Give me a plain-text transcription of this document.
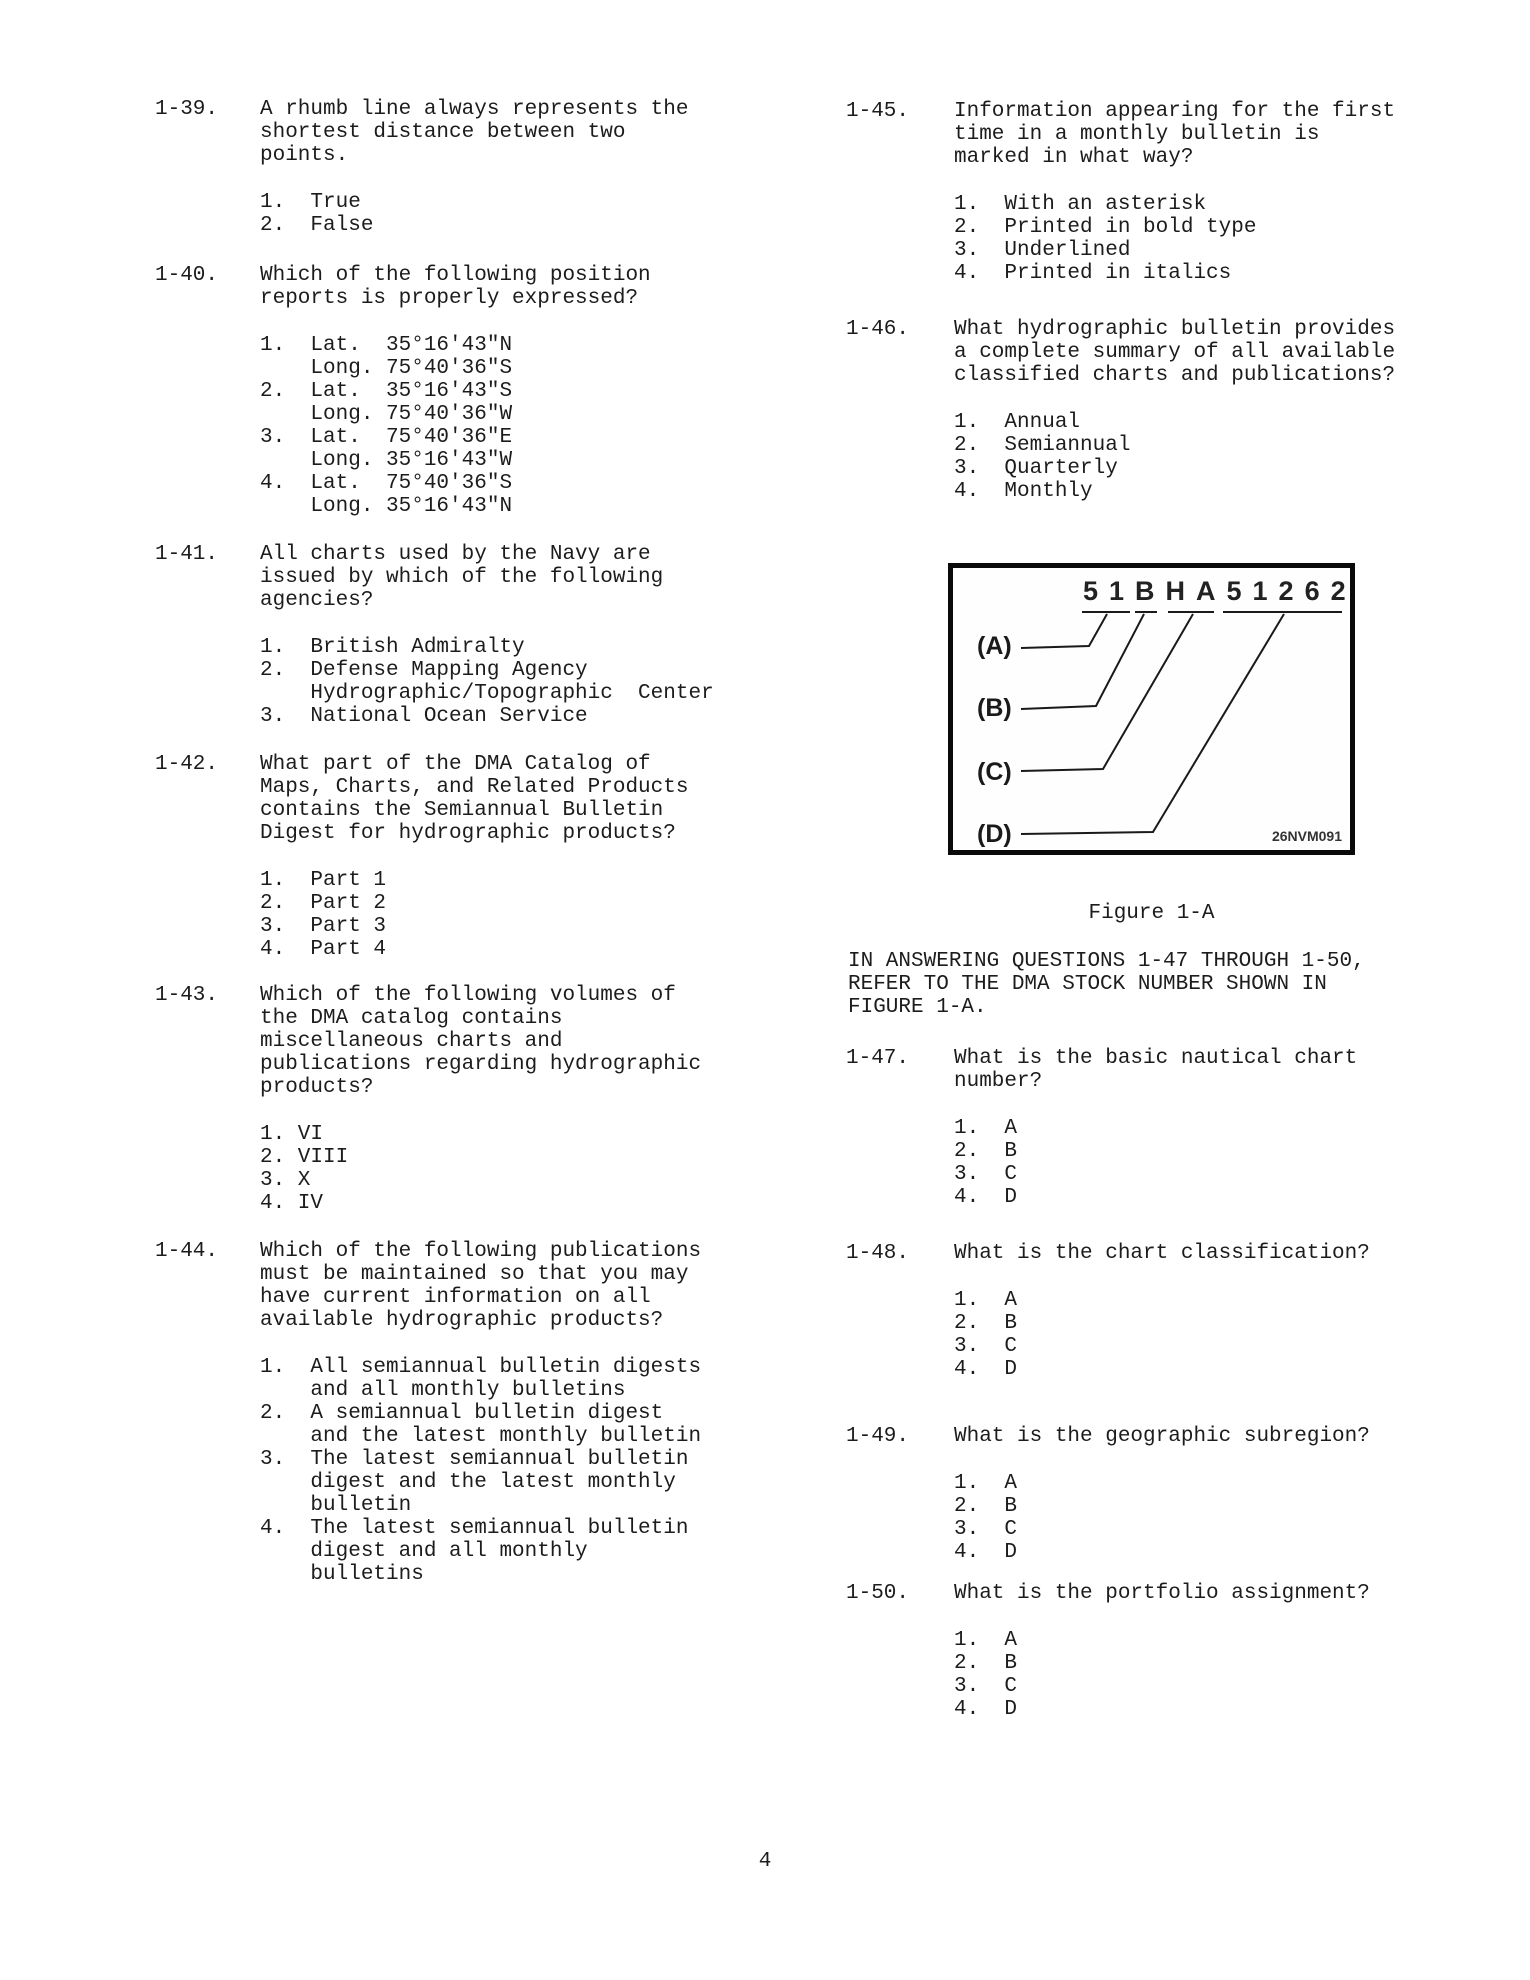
1-39.	A rhumb line always represents the
shortest distance between two
points.
1.  True
2.  False
1-40.	Which of the following position
reports is properly expressed?
1.  Lat.  35°16'43"N
Long. 75°40'36"S
2.  Lat.  35°16'43"S
Long. 75°40'36"W
3.  Lat.  75°40'36"E
Long. 35°16'43"W
4.  Lat.  75°40'36"S
Long. 35°16'43"N
1-41.	All charts used by the Navy are
issued by which of the following
agencies?
1.  British Admiralty
2.  Defense Mapping Agency
Hydrographic/Topographic  Center
3.  National Ocean Service
1-42.	What part of the DMA Catalog of
Maps, Charts, and Related Products
contains the Semiannual Bulletin
Digest for hydrographic products?
1.  Part 1
2.  Part 2
3.  Part 3
4.  Part 4
1-43.	Which of the following volumes of
the DMA catalog contains
miscellaneous charts and
publications regarding hydrographic
products?
1. VI
2. VIII
3. X
4. IV
1-44.	Which of the following publications
must be maintained so that you may
have current information on all
available hydrographic products?
1.  All semiannual bulletin digests
and all monthly bulletins
2.  A semiannual bulletin digest
and the latest monthly bulletin
3.  The latest semiannual bulletin
digest and the latest monthly
bulletin
4.  The latest semiannual bulletin
digest and all monthly
bulletins
1-45.	Information appearing for the first
time in a monthly bulletin is
marked in what way?
1.  With an asterisk
2.  Printed in bold type
3.  Underlined
4.  Printed in italics
1-46.	What hydrographic bulletin provides
a complete summary of all available
classified charts and publications?
1.  Annual
2.  Semiannual
3.  Quarterly
4.  Monthly
1-47.	What is the basic nautical chart
number?
1.  A
2.  B
3.  C
4.  D
1-48.	What is the chart classification?
1.  A
2.  B
3.  C
4.  D
1-49.	What is the geographic subregion?
1.  A
2.  B
3.  C
4.  D
1-50.	What is the portfolio assignment?
1.  A
2.  B
3.  C
4.  D
51BHA51262
(A)
(B)
(C)
(D)	26NVM091
Figure 1-A
IN ANSWERING QUESTIONS 1-47 THROUGH 1-50,
REFER TO THE DMA STOCK NUMBER SHOWN IN
FIGURE 1-A.
4
